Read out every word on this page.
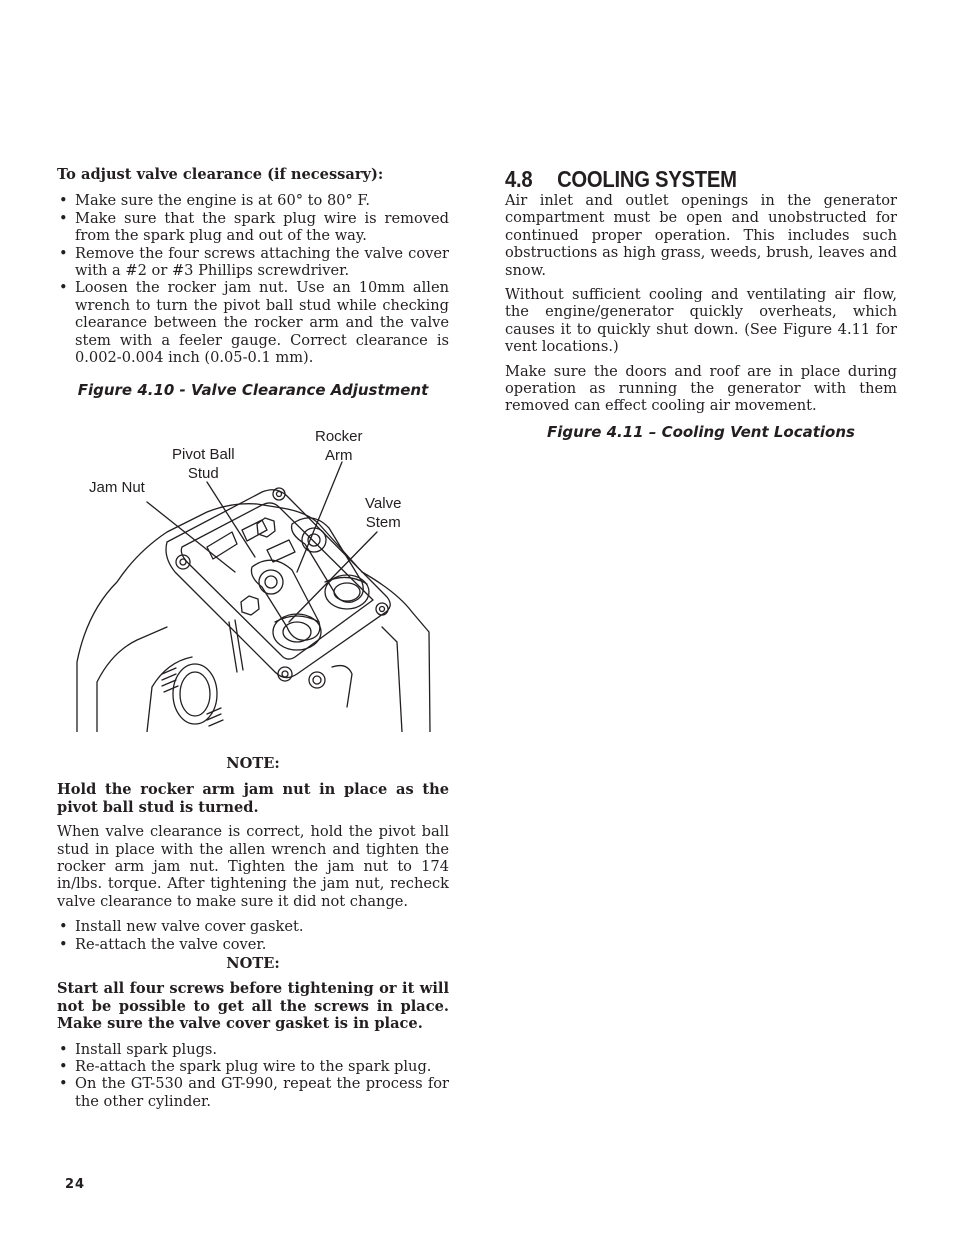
To adjust valve clearance (if necessary):

• Make sure the engine is at 60° to 80° F.
• Make sure that the spark plug wire is removed from the spark plug and out of the way.
• Remove the four screws attaching the valve cover with a #2 or #3 Phillips screwdriver.
• Loosen the rocker jam nut. Use an 10mm allen wrench to turn the pivot ball stud while checking clearance between the rocker arm and the valve stem with a feeler gauge. Correct clearance is 0.002-0.004 inch (0.05-0.1 mm).

Figure 4.10 - Valve Clearance Adjustment

Jam Nut
Pivot Ball
Stud
Rocker
Arm
Valve
Stem

NOTE:

Hold the rocker arm jam nut in place as the pivot ball stud is turned.

When valve clearance is correct, hold the pivot ball stud in place with the allen wrench and tighten the rocker arm jam nut. Tighten the jam nut to 174 in/lbs. torque. After tightening the jam nut, recheck valve clearance to make sure it did not change.

• Install new valve cover gasket.
• Re-attach the valve cover.

NOTE:

Start all four screws before tightening or it will not be possible to get all the screws in place. Make sure the valve cover gasket is in place.

• Install spark plugs.
• Re-attach the spark plug wire to the spark plug.
• On the GT-530 and GT-990, repeat the process for the other cylinder.
4.8 COOLING SYSTEM

Air inlet and outlet openings in the generator compartment must be open and unobstructed for continued proper operation. This includes such obstructions as high grass, weeds, brush, leaves and snow.

Without sufficient cooling and ventilating air flow, the engine/generator quickly overheats, which causes it to quickly shut down. (See Figure 4.11 for vent locations.)

Make sure the doors and roof are in place during operation as running the generator with them removed can effect cooling air movement.

Figure 4.11 – Cooling Vent Locations

24
